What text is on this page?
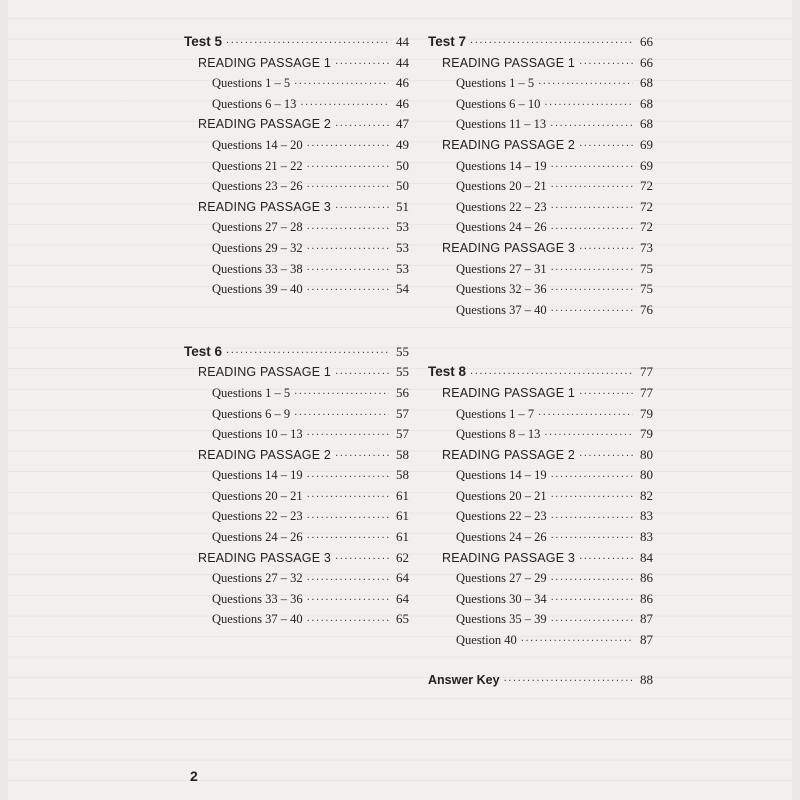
Test 5 ·····	44
READING PASSAGE 1 ·····	44
Questions 1 – 5 ·····	46
Questions 6 – 13 ·····	46
READING PASSAGE 2 ·····	47
Questions 14 – 20 ·····	49
Questions 21 – 22 ·····	50
Questions 23 – 26 ·····	50
READING PASSAGE 3 ·····	51
Questions 27 – 28 ·····	53
Questions 29 – 32 ·····	53
Questions 33 – 38 ·····	53
Questions 39 – 40 ·····	54
Test 6 ·····	55
READING PASSAGE 1 ·····	55
Questions 1 – 5 ·····	56
Questions 6 – 9 ·····	57
Questions 10 – 13 ·····	57
READING PASSAGE 2 ·····	58
Questions 14 – 19 ·····	58
Questions 20 – 21 ·····	61
Questions 22 – 23 ·····	61
Questions 24 – 26 ·····	61
READING PASSAGE 3 ·····	62
Questions 27 – 32 ·····	64
Questions 33 – 36 ·····	64
Questions 37 – 40 ·····	65
Test 7 ·····	66
READING PASSAGE 1 ·····	66
Questions 1 – 5 ·····	68
Questions 6 – 10 ·····	68
Questions 11 – 13 ·····	68
READING PASSAGE 2 ·····	69
Questions 14 – 19 ·····	69
Questions 20 – 21 ·····	72
Questions 22 – 23 ·····	72
Questions 24 – 26 ·····	72
READING PASSAGE 3 ·····	73
Questions 27 – 31 ·····	75
Questions 32 – 36 ·····	75
Questions 37 – 40 ·····	76
Test 8 ·····	77
READING PASSAGE 1 ·····	77
Questions 1 – 7 ·····	79
Questions 8 – 13 ·····	79
READING PASSAGE 2 ·····	80
Questions 14 – 19 ·····	80
Questions 20 – 21 ·····	82
Questions 22 – 23 ·····	83
Questions 24 – 26 ·····	83
READING PASSAGE 3 ·····	84
Questions 27 – 29 ·····	86
Questions 30 – 34 ·····	86
Questions 35 – 39 ·····	87
Question 40 ·····	87
Answer Key ·····	88
2
